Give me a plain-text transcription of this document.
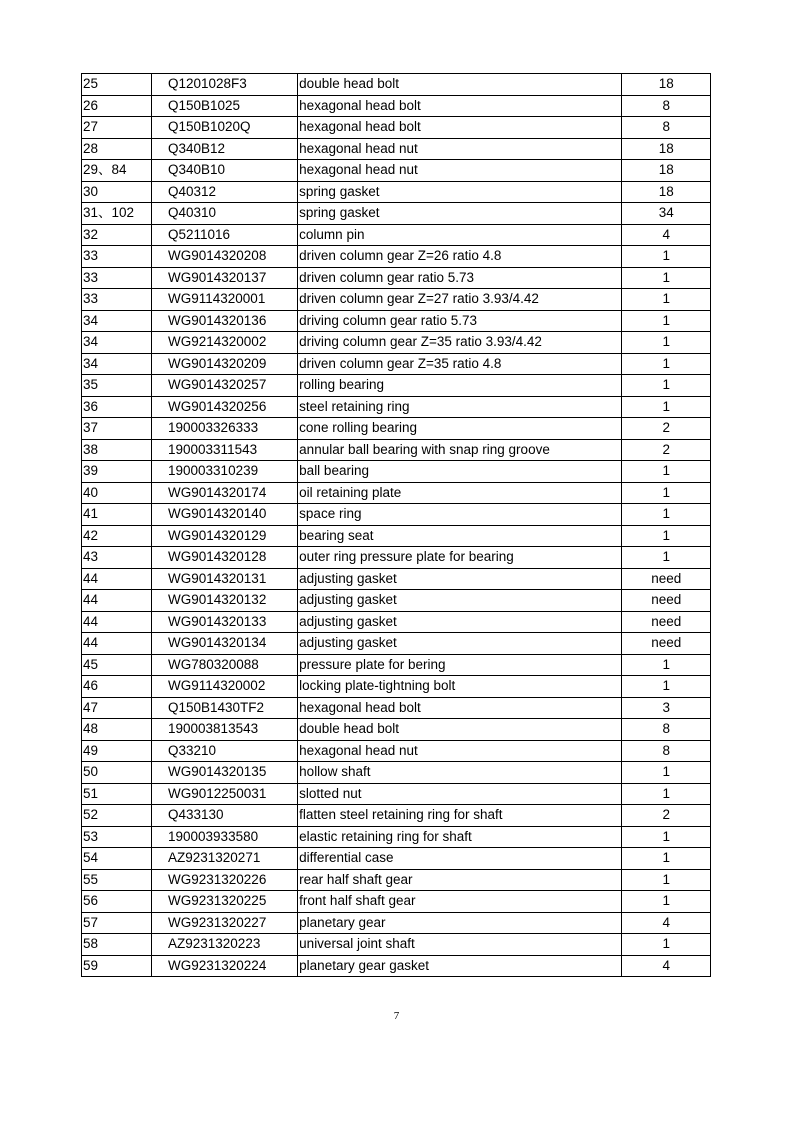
25	Q1201028F3	double head bolt	18
26	Q150B1025	hexagonal head bolt	8
27	Q150B1020Q	hexagonal head bolt	8
28	Q340B12	hexagonal head nut	18
29、84	Q340B10	hexagonal head nut	18
30	Q40312	spring gasket	18
31、102	Q40310	spring gasket	34
32	Q5211016	column pin	4
33	WG9014320208	driven column gear Z=26 ratio 4.8	1
33	WG9014320137	driven column gear ratio 5.73	1
33	WG9114320001	driven column gear Z=27 ratio 3.93/4.42	1
34	WG9014320136	driving column gear ratio 5.73	1
34	WG9214320002	driving column gear Z=35 ratio 3.93/4.42	1
34	WG9014320209	driven column gear Z=35 ratio 4.8	1
35	WG9014320257	rolling bearing	1
36	WG9014320256	steel retaining ring	1
37	190003326333	cone rolling bearing	2
38	190003311543	annular ball bearing with snap ring groove	2
39	190003310239	ball bearing	1
40	WG9014320174	oil retaining plate	1
41	WG9014320140	space ring	1
42	WG9014320129	bearing seat	1
43	WG9014320128	outer ring pressure plate for bearing	1
44	WG9014320131	adjusting gasket	need
44	WG9014320132	adjusting gasket	need
44	WG9014320133	adjusting gasket	need
44	WG9014320134	adjusting gasket	need
45	WG780320088	pressure plate for bering	1
46	WG9114320002	locking plate-tightning bolt	1
47	Q150B1430TF2	hexagonal head bolt	3
48	190003813543	double head bolt	8
49	Q33210	hexagonal head nut	8
50	WG9014320135	hollow shaft	1
51	WG9012250031	slotted nut	1
52	Q433130	flatten steel retaining ring for shaft	2
53	190003933580	elastic retaining ring for shaft	1
54	AZ9231320271	differential case	1
55	WG9231320226	rear half shaft gear	1
56	WG9231320225	front half shaft gear	1
57	WG9231320227	planetary gear	4
58	AZ9231320223	universal joint shaft	1
59	WG9231320224	planetary gear gasket	4
7
